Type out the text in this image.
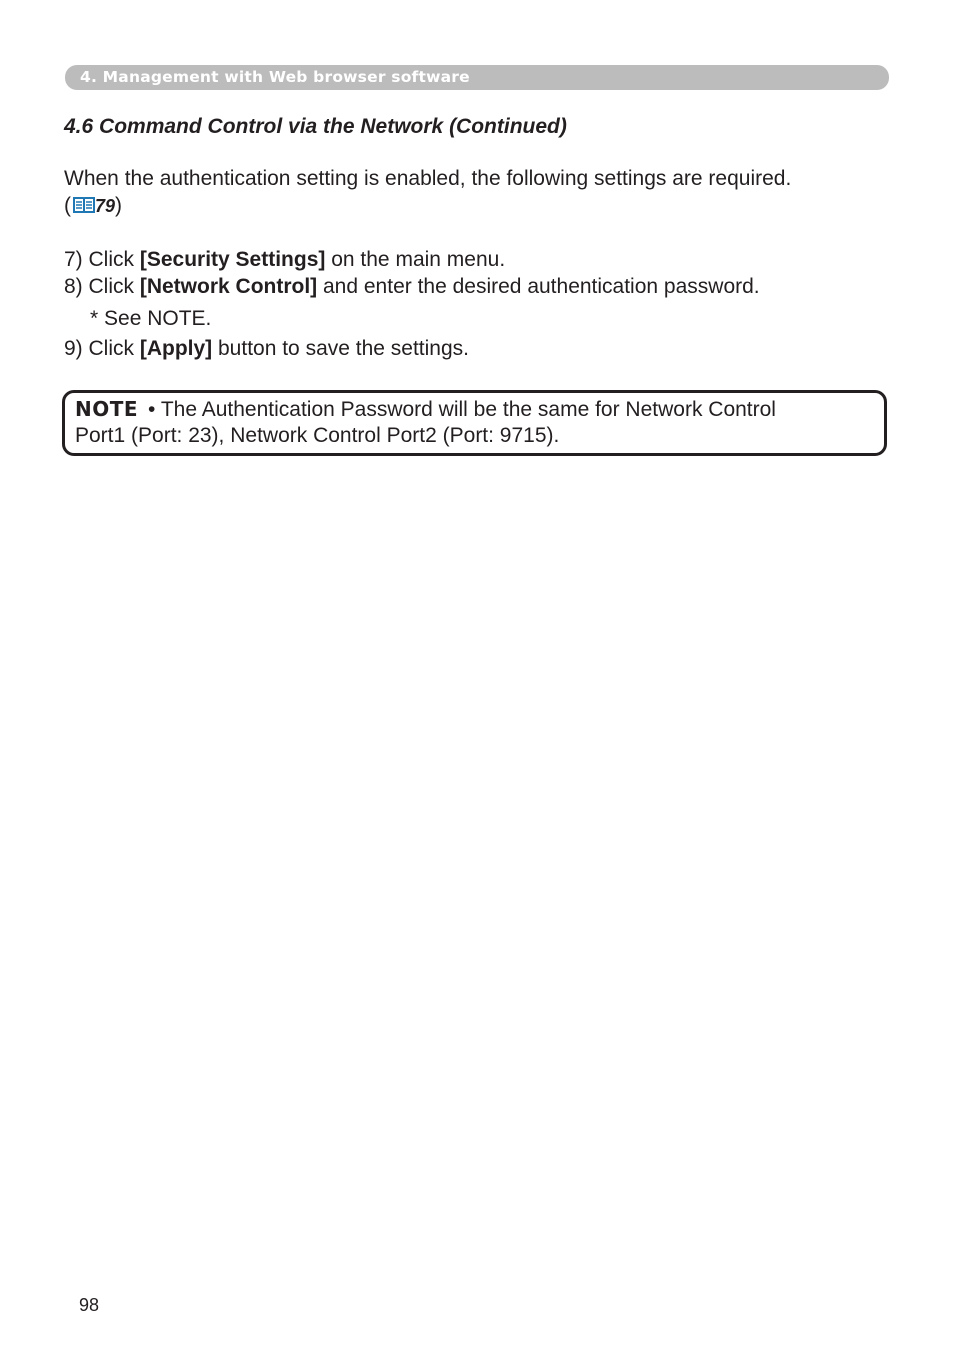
4. Management with Web browser software
4.6 Command Control via the Network (Continued)
When the authentication setting is enabled, the following settings are required.
( 79)
7) Click [Security Settings] on the main menu.
8) Click [Network Control] and enter the desired authentication password.
* See NOTE.
9) Click [Apply] button to save the settings.
NOTE • The Authentication Password will be the same for Network Control
Port1 (Port: 23), Network Control Port2 (Port: 9715).
98
